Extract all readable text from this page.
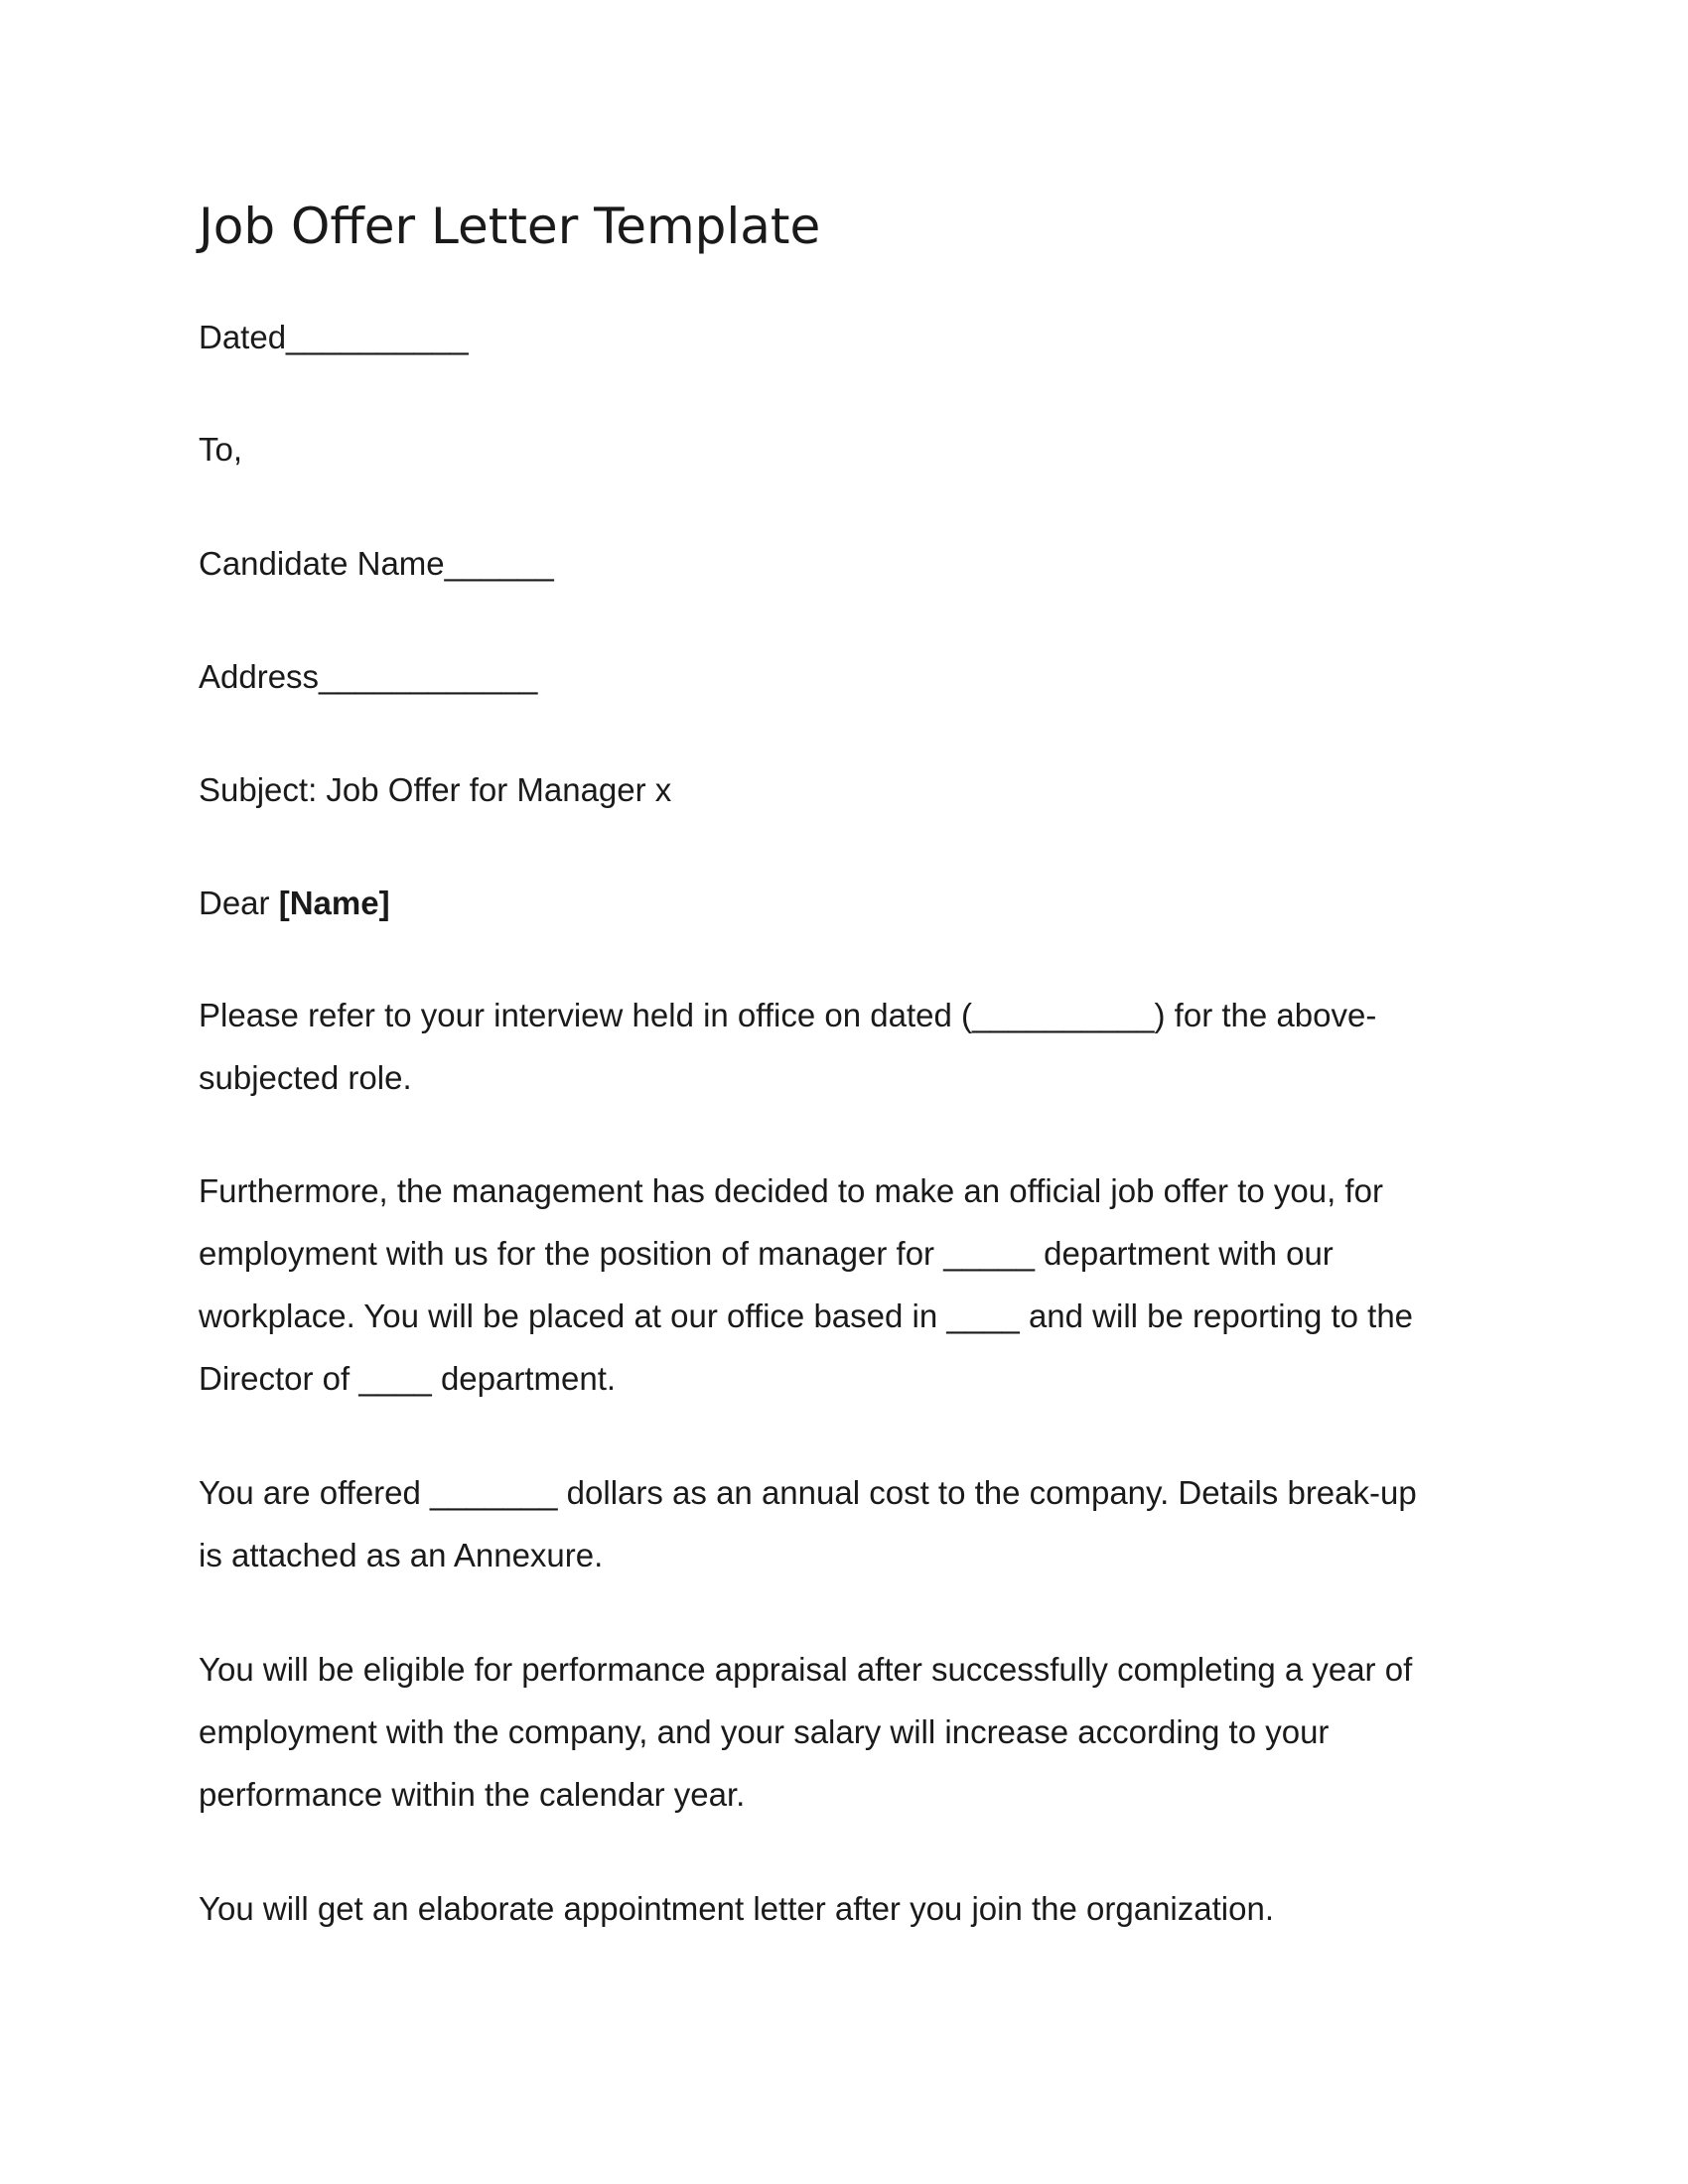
Job Offer Letter Template

Dated__________

To,

Candidate Name______

Address____________

Subject: Job Offer for Manager x

Dear [Name]

Please refer to your interview held in office on dated (__________) for the above-
subjected role.

Furthermore, the management has decided to make an official job offer to you, for
employment with us for the position of manager for _____ department with our
workplace. You will be placed at our office based in ____ and will be reporting to the
Director of ____ department.

You are offered _______ dollars as an annual cost to the company. Details break-up
is attached as an Annexure.

You will be eligible for performance appraisal after successfully completing a year of
employment with the company, and your salary will increase according to your
performance within the calendar year.

You will get an elaborate appointment letter after you join the organization.
